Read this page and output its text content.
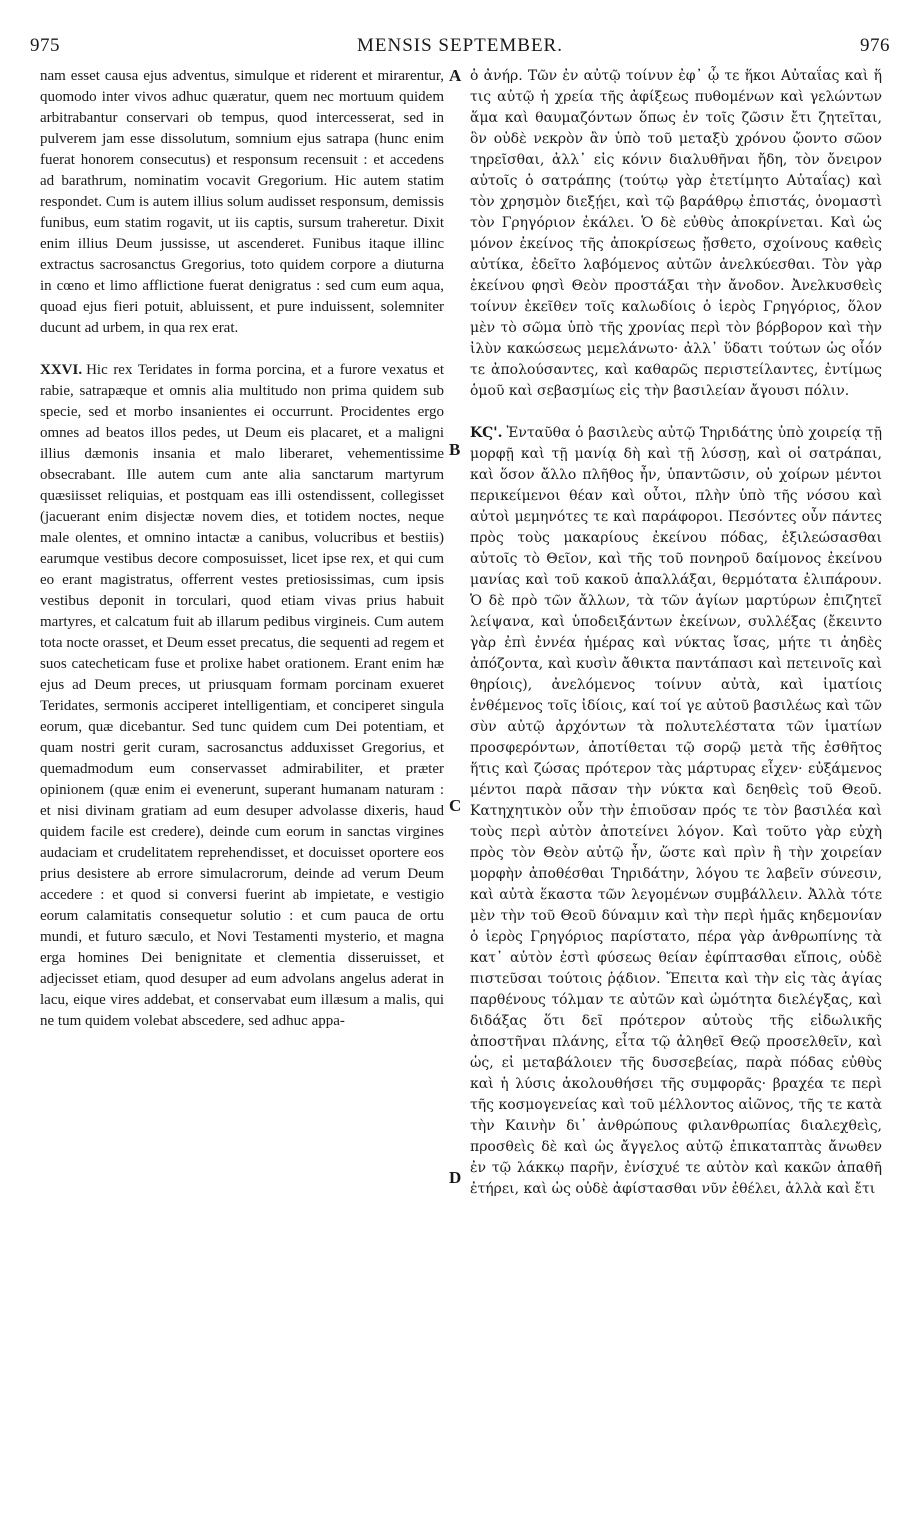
975	MENSIS SEPTEMBER.	976

nam esset causa ejus adventus, simulque et riderent et mirarentur, quomodo inter vivos adhuc quæratur, quem nec mortuum quidem arbitrabantur conservari ob tempus, quod intercesserat, sed in pulverem jam esse dissolutum, somnium ejus satrapa (hunc enim fuerat honorem consecutus) et responsum recensuit : et accedens ad barathrum, nominatim vocavit Gregorium. Hic autem statim respondet. Cum is autem illius solum audisset responsum, demissis funibus, eum statim rogavit, ut iis captis, sursum traheretur. Dixit enim illius Deum jussisse, ut ascenderet. Funibus itaque illinc extractus sacrosanctus Gregorius, toto quidem corpore a diuturna in cœno et limo afflictione fuerat denigratus : sed cum eum aqua, quoad ejus fieri potuit, abluissent, et pure induissent, solemniter ducunt ad urbem, in qua rex erat.

XXVI. Hic rex Teridates in forma porcina, et a furore vexatus et rabie, satrapæque et omnis alia multitudo non prima quidem sub specie, sed et morbo insanientes ei occurrunt. Procidentes ergo omnes ad beatos illos pedes, ut Deum eis placaret, et a maligni illius dæmonis insania et malo liberaret, vehementissime obsecrabant. Ille autem cum ante alia sanctarum martyrum quæsiisset reliquias, et postquam eas illi ostendissent, collegisset (jacuerant enim disjectæ novem dies, et totidem noctes, neque male olentes, et omnino intactæ a canibus, volucribus et bestiis) earumque vestibus decore composuisset, licet ipse rex, et qui cum eo erant magistratus, offerrent vestes pretiosissimas, cum ipsis vestibus deponit in torculari, quod etiam vivas prius habuit martyres, et calcatum fuit ab illarum pedibus virgineis. Cum autem tota nocte orasset, et Deum esset precatus, die sequenti ad regem et suos catecheticam fuse et prolixe habet orationem. Erant enim hæ ejus ad Deum preces, ut priusquam formam porcinam exueret Teridates, sermonis acciperet intelligentiam, et conciperet singula eorum, quæ dicebantur. Sed tunc quidem cum Dei potentiam, et quam nostri gerit curam, sacrosanctus adduxisset Gregorius, et quemadmodum eum conservasset admirabiliter, et præter opinionem (quæ enim ei evenerunt, superant humanam naturam : et nisi divinam gratiam ad eum desuper advolasse dixeris, haud quidem facile est credere), deinde cum eorum in sanctas virgines audaciam et crudelitatem reprehendisset, et docuisset oportere eos prius desistere ab errore simulacrorum, deinde ad verum Deum accedere : et quod si conversi fuerint ab impietate, e vestigio eorum calamitatis consequetur solutio : et cum pauca de ortu mundi, et futuro sæculo, et Novi Testamenti mysterio, et magna erga homines Dei benignitate et clementia disseruisset, et adjecisset etiam, quod desuper ad eum advolans angelus aderat in lacu, eique vires addebat, et conservabat eum illæsum a malis, qui ne tum quidem volebat abscedere, sed adhuc appa-

A
B
C
D

ὁ ἀνήρ. Τῶν ἐν αὐτῷ τοίνυν ἐφ᾽ ᾧ τε ἥκοι Αὐταΐας καὶ ἥ τις αὐτῷ ἡ χρεία τῆς ἀφίξεως πυθομένων καὶ γελώντων ἅμα καὶ θαυμαζόντων ὅπως ἐν τοῖς ζῶσιν ἔτι ζητεῖται, ὃν οὐδὲ νεκρὸν ἂν ὑπὸ τοῦ μεταξὺ χρόνου ᾤοντο σῶον τηρεῖσθαι, ἀλλ᾽ εἰς κόνιν διαλυθῆναι ἤδη, τὸν ὄνειρον αὐτοῖς ὁ σατράπης (τούτῳ γὰρ ἐτετίμητο Αὐταΐας) καὶ τὸν χρησμὸν διεξῄει, καὶ τῷ βαράθρῳ ἐπιστάς, ὀνομαστὶ τὸν Γρηγόριον ἐκάλει. Ὁ δὲ εὐθὺς ἀποκρίνεται. Καὶ ὡς μόνον ἐκείνος τῆς ἀποκρίσεως ᾔσθετο, σχοίνους καθεὶς αὐτίκα, ἐδεῖτο λαβόμενος αὐτῶν ἀνελκύεσθαι. Τὸν γὰρ ἐκείνου φησὶ Θεὸν προστάξαι τὴν ἄνοδον. Ἀνελκυσθεὶς τοίνυν ἐκεῖθεν τοῖς καλωδίοις ὁ ἱερὸς Γρηγόριος, ὅλον μὲν τὸ σῶμα ὑπὸ τῆς χρονίας περὶ τὸν βόρβορον καὶ τὴν ἰλὺν κακώσεως μεμελάνωτο· ἀλλ᾽ ὕδατι τούτων ὡς οἷόν τε ἀπολούσαντες, καὶ καθαρῶς περιστείλαντες, ἐντίμως ὁμοῦ καὶ σεβασμίως εἰς τὴν βασιλείαν ἄγουσι πόλιν.

ΚϚ'. Ἐνταῦθα ὁ βασιλεὺς αὐτῷ Τηριδάτης ὑπὸ χοιρείᾳ τῇ μορφῇ καὶ τῇ μανίᾳ δὴ καὶ τῇ λύσσῃ, καὶ οἱ σατράπαι, καὶ ὅσον ἄλλο πλῆθος ἦν, ὑπαντῶσιν, οὐ χοίρων μέντοι περικείμενοι θέαν καὶ οὗτοι, πλὴν ὑπὸ τῆς νόσου καὶ αὐτοὶ μεμηνότες τε καὶ παράφοροι. Πεσόντες οὖν πάντες πρὸς τοὺς μακαρίους ἐκείνου πόδας, ἐξιλεώσασθαι αὐτοῖς τὸ Θεῖον, καὶ τῆς τοῦ πονηροῦ δαίμονος ἐκείνου μανίας καὶ τοῦ κακοῦ ἀπαλλάξαι, θερμότατα ἐλιπάρουν. Ὁ δὲ πρὸ τῶν ἄλλων, τὰ τῶν ἁγίων μαρτύρων ἐπιζητεῖ λείψανα, καὶ ὑποδειξάντων ἐκείνων, συλλέξας (ἔκειντο γὰρ ἐπὶ ἐννέα ἡμέρας καὶ νύκτας ἴσας, μήτε τι ἀηδὲς ἀπόζοντα, καὶ κυσὶν ἄθικτα παντάπασι καὶ πετεινοῖς καὶ θηρίοις), ἀνελόμενος τοίνυν αὐτὰ, καὶ ἱματίοις ἐνθέμενος τοῖς ἰδίοις, καί τοί γε αὐτοῦ βασιλέως καὶ τῶν σὺν αὐτῷ ἀρχόντων τὰ πολυτελέστατα τῶν ἱματίων προσφερόντων, ἀποτίθεται τῷ σορῷ μετὰ τῆς ἐσθῆτος ἥτις καὶ ζώσας πρότερον τὰς μάρτυρας εἶχεν· εὐξάμενος μέντοι παρὰ πᾶσαν τὴν νύκτα καὶ δεηθεὶς τοῦ Θεοῦ. Κατηχητικὸν οὖν τὴν ἐπιοῦσαν πρός τε τὸν βασιλέα καὶ τοὺς περὶ αὐτὸν ἀποτείνει λόγον. Καὶ τοῦτο γὰρ εὐχὴ πρὸς τὸν Θεὸν αὐτῷ ἦν, ὥστε καὶ πρὶν ἢ τὴν χοιρείαν μορφὴν ἀποθέσθαι Τηριδάτην, λόγου τε λαβεῖν σύνεσιν, καὶ αὐτὰ ἕκαστα τῶν λεγομένων συμβάλλειν. Ἀλλὰ τότε μὲν τὴν τοῦ Θεοῦ δύναμιν καὶ τὴν περὶ ἡμᾶς κηδεμονίαν ὁ ἱερὸς Γρηγόριος παρίστατο, πέρα γὰρ ἀνθρωπίνης τὰ κατ᾽ αὐτὸν ἐστὶ φύσεως θείαν ἐφίπτασθαι εἴποις, οὐδὲ πιστεῦσαι τούτοις ῥᾴδιον. Ἔπειτα καὶ τὴν εἰς τὰς ἁγίας παρθένους τόλμαν τε αὐτῶν καὶ ὠμότητα διελέγξας, καὶ διδάξας ὅτι δεῖ πρότερον αὐτοὺς τῆς εἰδωλικῆς ἀποστῆναι πλάνης, εἶτα τῷ ἀληθεῖ Θεῷ προσελθεῖν, καὶ ὡς, εἰ μεταβάλοιεν τῆς δυσσεβείας, παρὰ πόδας εὐθὺς καὶ ἡ λύσις ἀκολουθήσει τῆς συμφορᾶς· βραχέα τε περὶ τῆς κοσμογενείας καὶ τοῦ μέλλοντος αἰῶνος, τῆς τε κατὰ τὴν Καινὴν δι᾽ ἀνθρώπους φιλανθρωπίας διαλεχθεὶς, προσθεὶς δὲ καὶ ὡς ἄγγελος αὐτῷ ἐπικαταπτὰς ἄνωθεν ἐν τῷ λάκκῳ παρῆν, ἐνίσχυέ τε αὐτὸν καὶ κακῶν ἀπαθῆ ἐτήρει, καὶ ὡς οὐδὲ ἀφίστασθαι νῦν ἐθέλει, ἀλλὰ καὶ ἔτι
